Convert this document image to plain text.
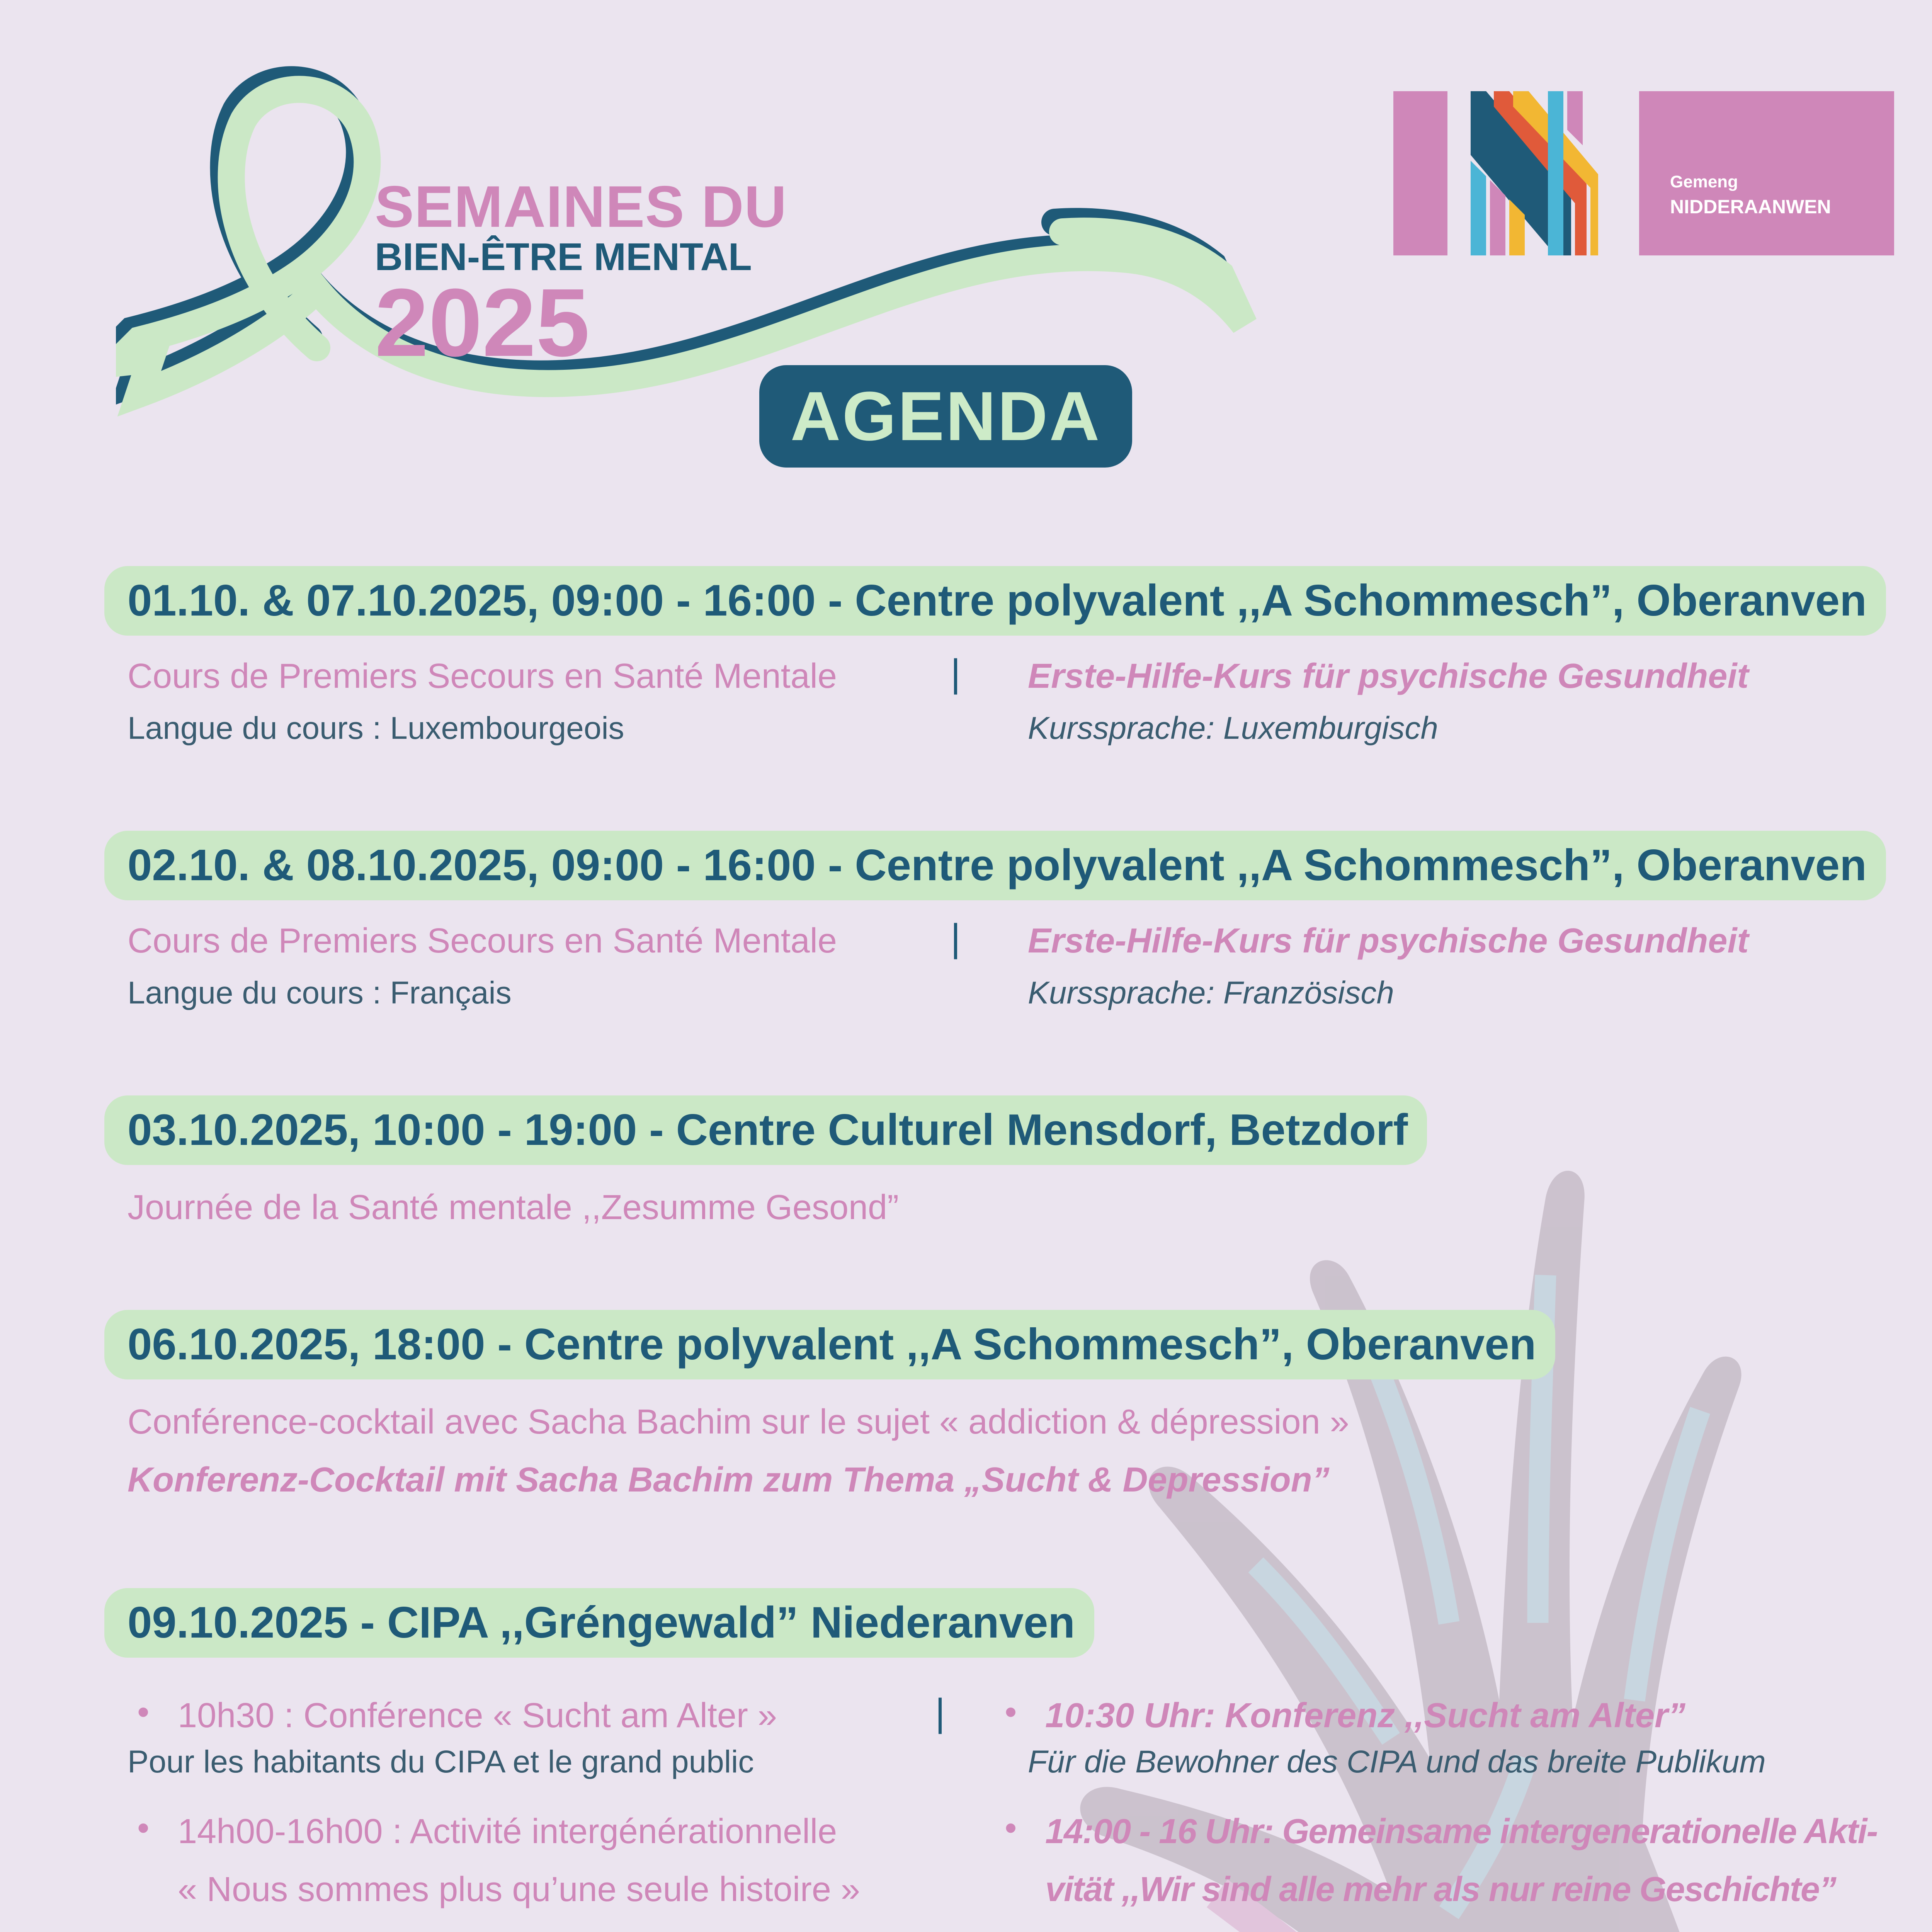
SEMAINES DU
BIEN-ÊTRE MENTAL
2025
AGENDA
Gemeng
NIDDERAANWEN
01.10. & 07.10.2025, 09:00 - 16:00 - Centre polyvalent ,,A Schommesch”, Oberanven
Cours de Premiers Secours en Santé Mentale
Langue du cours : Luxembourgeois
| Erste-Hilfe-Kurs für psychische Gesundheit
Kurssprache: Luxemburgisch
02.10. & 08.10.2025, 09:00 - 16:00 - Centre polyvalent ,,A Schommesch”, Oberanven
Cours de Premiers Secours en Santé Mentale
Langue du cours : Français
| Erste-Hilfe-Kurs für psychische Gesundheit
Kurssprache: Französisch
03.10.2025, 10:00 - 19:00 - Centre Culturel Mensdorf, Betzdorf
Journée de la Santé mentale ,,Zesumme Gesond”
06.10.2025, 18:00 - Centre polyvalent ,,A Schommesch”, Oberanven
Conférence-cocktail avec Sacha Bachim sur le sujet « addiction & dépression »
Konferenz-Cocktail mit Sacha Bachim zum Thema „Sucht & Depression”
09.10.2025 - CIPA ,,Gréngewald” Niederanven
• 10h30 : Conférence « Sucht am Alter »
Pour les habitants du CIPA et le grand public
| • 10:30 Uhr: Konferenz ,,Sucht am Alter”
Für die Bewohner des CIPA und das breite Publikum
• 14h00-16h00 : Activité intergénérationnelle
« Nous sommes plus qu’une seule histoire »
• 14:00 - 16 Uhr: Gemeinsame intergenerationelle Akti-
vität ,,Wir sind alle mehr als nur reine Geschichte”
